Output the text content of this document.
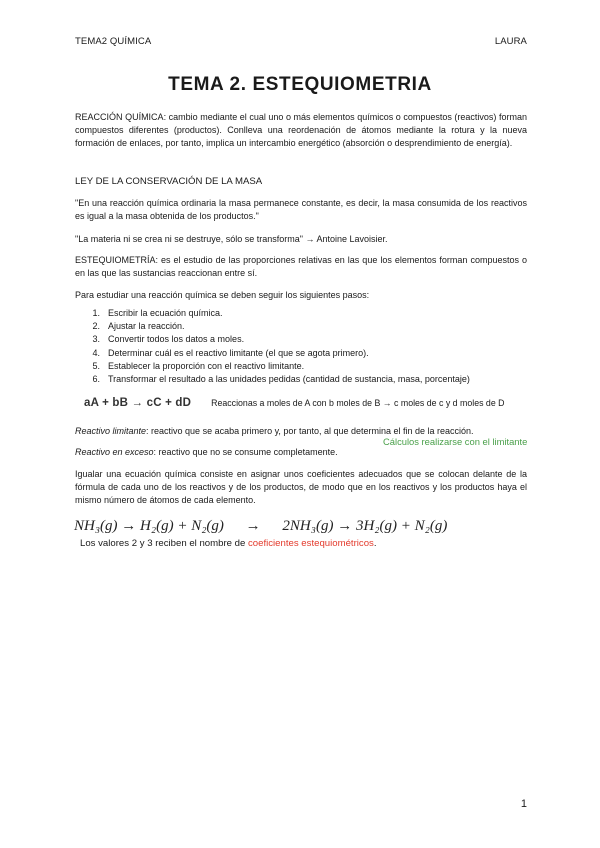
TEMA2 QUÍMICA	LAURA
TEMA 2. ESTEQUIOMETRIA

REACCIÓN QUÍMICA: cambio mediante el cual uno o más elementos químicos o compuestos (reactivos) forman compuestos diferentes (productos). Conlleva una reordenación de átomos mediante la rotura y la nueva formación de enlaces, por tanto, implica un intercambio energético (absorción o desprendimiento de energía).

LEY DE LA CONSERVACIÓN DE LA MASA

"En una reacción química ordinaria la masa permanece constante, es decir, la masa consumida de los reactivos es igual a la masa obtenida de los productos."

"La materia ni se crea ni se destruye, sólo se transforma" → Antoine Lavoisier.

ESTEQUIOMETRÍA: es el estudio de las proporciones relativas en las que los elementos forman compuestos o en las que las sustancias reaccionan entre sí.

Para estudiar una reacción química se deben seguir los siguientes pasos:
1. Escribir la ecuación química.
2. Ajustar la reacción.
3. Convertir todos los datos a moles.
4. Determinar cuál es el reactivo limitante (el que se agota primero).
5. Establecer la proporción con el reactivo limitante.
6. Transformar el resultado a las unidades pedidas (cantidad de sustancia, masa, porcentaje)
aA + bB → cC + dD Reaccionas a moles de A con b moles de B → c moles de c y d moles de D
Reactivo limitante: reactivo que se acaba primero y, por tanto, al que determina el fin de la reacción.
Cálculos realizarse con el limitante
Reactivo en exceso: reactivo que no se consume completamente.

Igualar una ecuación química consiste en asignar unos coeficientes adecuados que se colocan delante de la fórmula de cada uno de los reactivos y de los productos, de modo que en los reactivos y los productos haya el mismo número de átomos de cada elemento.

NH₃(g) → H₂(g) + N₂(g) → 2NH₃(g) → 3H₂(g) + N₂(g)
Los valores 2 y 3 reciben el nombre de coeficientes estequiométricos.
1
